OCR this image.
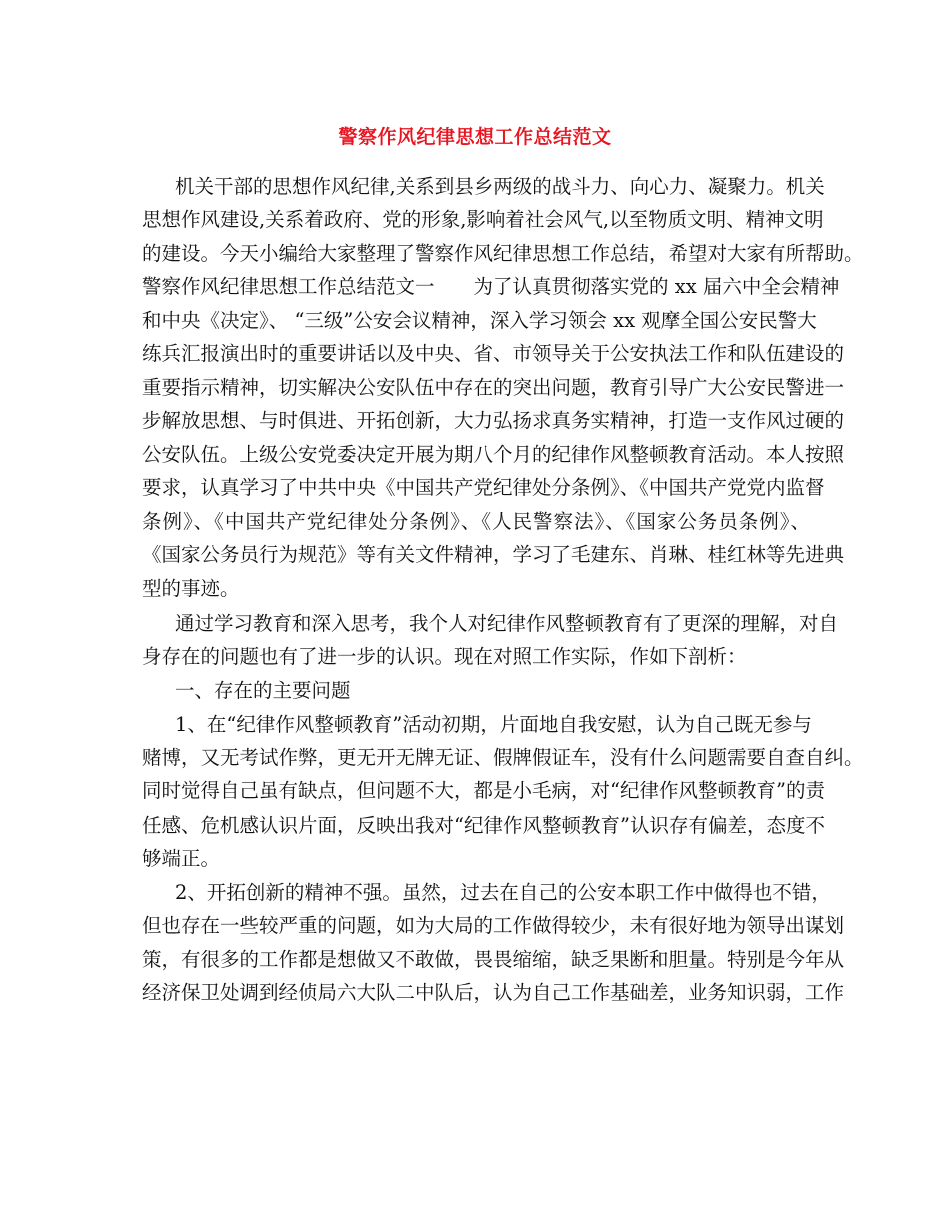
警察作风纪律思想工作总结范文
机关干部的思想作风纪律,关系到县乡两级的战斗力、向心力、凝聚力。机关
思想作风建设,关系着政府、党的形象,影响着社会风气,以至物质文明、精神文明
的建设。今天小编给大家整理了警察作风纪律思想工作总结，希望对大家有所帮助。
警察作风纪律思想工作总结范文一　　为了认真贯彻落实党的 xx 届六中全会精神
和中央《决定》、 “三级”公安会议精神，深入学习领会 xx 观摩全国公安民警大
练兵汇报演出时的重要讲话以及中央、省、市领导关于公安执法工作和队伍建设的
重要指示精神，切实解决公安队伍中存在的突出问题，教育引导广大公安民警进一
步解放思想、与时俱进、开拓创新，大力弘扬求真务实精神，打造一支作风过硬的
公安队伍。上级公安党委决定开展为期八个月的纪律作风整顿教育活动。本人按照
要求，认真学习了中共中央《中国共产党纪律处分条例》、《中国共产党党内监督
条例》、《中国共产党纪律处分条例》、《人民警察法》、《国家公务员条例》、
《国家公务员行为规范》等有关文件精神，学习了毛建东、肖琳、桂红林等先进典
型的事迹。
通过学习教育和深入思考，我个人对纪律作风整顿教育有了更深的理解，对自
身存在的问题也有了进一步的认识。现在对照工作实际，作如下剖析：
一、存在的主要问题
1、在“纪律作风整顿教育”活动初期，片面地自我安慰，认为自己既无参与
赌博，又无考试作弊，更无开无牌无证、假牌假证车，没有什么问题需要自查自纠。
同时觉得自己虽有缺点，但问题不大，都是小毛病，对“纪律作风整顿教育”的责
任感、危机感认识片面，反映出我对“纪律作风整顿教育”认识存有偏差，态度不
够端正。
2、开拓创新的精神不强。虽然，过去在自己的公安本职工作中做得也不错，
但也存在一些较严重的问题，如为大局的工作做得较少，未有很好地为领导出谋划
策，有很多的工作都是想做又不敢做，畏畏缩缩，缺乏果断和胆量。特别是今年从
经济保卫处调到经侦局六大队二中队后，认为自己工作基础差，业务知识弱，工作
